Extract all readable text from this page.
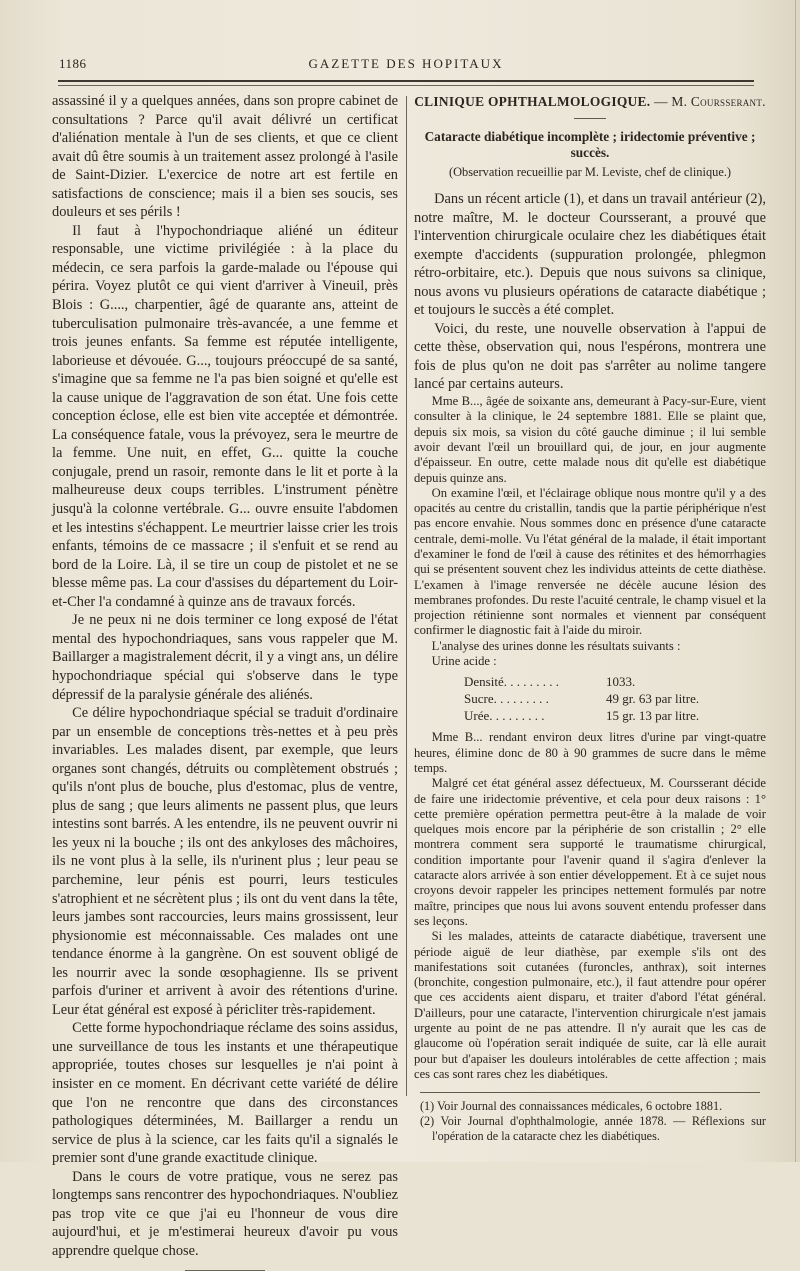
1186	GAZETTE DES HOPITAUX

assassiné il y a quelques années, dans son propre cabinet de consultations ? Parce qu'il avait délivré un certificat d'aliénation mentale à l'un de ses clients, et que ce client avait dû être soumis à un traitement assez prolongé à l'asile de Saint-Dizier. L'exercice de notre art est fertile en satisfactions de conscience; mais il a bien ses soucis, ses douleurs et ses périls !

Il faut à l'hypochondriaque aliéné un éditeur responsable, une victime privilégiée : à la place du médecin, ce sera parfois la garde-malade ou l'épouse qui périra. Voyez plutôt ce qui vient d'arriver à Vineuil, près Blois : G...., charpentier, âgé de quarante ans, atteint de tuberculisation pulmonaire très-avancée, a une femme et trois jeunes enfants. Sa femme est réputée intelligente, laborieuse et dévouée. G..., toujours préoccupé de sa santé, s'imagine que sa femme ne l'a pas bien soigné et qu'elle est la cause unique de l'aggravation de son état. Une fois cette conception éclose, elle est bien vite acceptée et démontrée. La conséquence fatale, vous la prévoyez, sera le meurtre de la femme. Une nuit, en effet, G... quitte la couche conjugale, prend un rasoir, remonte dans le lit et porte à la malheureuse deux coups terribles. L'instrument pénètre jusqu'à la colonne vertébrale. G... ouvre ensuite l'abdomen et les intestins s'échappent. Le meurtrier laisse crier les trois enfants, témoins de ce massacre ; il s'enfuit et se rend au bord de la Loire. Là, il se tire un coup de pistolet et ne se blesse même pas. La cour d'assises du département du Loir-et-Cher l'a condamné à quinze ans de travaux forcés.

Je ne peux ni ne dois terminer ce long exposé de l'état mental des hypochondriaques, sans vous rappeler que M. Baillarger a magistralement décrit, il y a vingt ans, un délire hypochondriaque spécial qui s'observe dans le type dépressif de la paralysie générale des aliénés.

Ce délire hypochondriaque spécial se traduit d'ordinaire par un ensemble de conceptions très-nettes et à peu près invariables. Les malades disent, par exemple, que leurs organes sont changés, détruits ou complètement obstrués ; qu'ils n'ont plus de bouche, plus d'estomac, plus de ventre, plus de sang ; que leurs aliments ne passent plus, que leurs intestins sont barrés. A les entendre, ils ne peuvent ouvrir ni les yeux ni la bouche ; ils ont des ankyloses des mâchoires, ils ne vont plus à la selle, ils n'urinent plus ; leur peau se parchemine, leur pénis est pourri, leurs testicules s'atrophient et ne sécrètent plus ; ils ont du vent dans la tête, leurs jambes sont raccourcies, leurs mains grossissent, leur physionomie est méconnaissable. Ces malades ont une tendance énorme à la gangrène. On est souvent obligé de les nourrir avec la sonde œsophagienne. Ils se privent parfois d'uriner et arrivent à avoir des rétentions d'urine. Leur état général est exposé à péricliter très-rapidement.

Cette forme hypochondriaque réclame des soins assidus, une surveillance de tous les instants et une thérapeutique appropriée, toutes choses sur lesquelles je n'ai point à insister en ce moment. En décrivant cette variété de délire que l'on ne rencontre que dans des circonstances pathologiques déterminées, M. Baillarger a rendu un service de plus à la science, car les faits qu'il a signalés le premier sont d'une grande exactitude clinique.

Dans le cours de votre pratique, vous ne serez pas longtemps sans rencontrer des hypochondriaques. N'oubliez pas trop vite ce que j'ai eu l'honneur de vous dire aujourd'hui, et je m'estimerai heureux d'avoir pu vous apprendre quelque chose.

CLINIQUE OPHTHALMOLOGIQUE. — M. Coursserant.

Cataracte diabétique incomplète ; iridectomie préventive ; succès.

(Observation recueillie par M. Leviste, chef de clinique.)

Dans un récent article (1), et dans un travail antérieur (2), notre maître, M. le docteur Coursserant, a prouvé que l'intervention chirurgicale oculaire chez les diabétiques était exempte d'accidents (suppuration prolongée, phlegmon rétro-orbitaire, etc.). Depuis que nous suivons sa clinique, nous avons vu plusieurs opérations de cataracte diabétique ; et toujours le succès a été complet.

Voici, du reste, une nouvelle observation à l'appui de cette thèse, observation qui, nous l'espérons, montrera une fois de plus qu'on ne doit pas s'arrêter au nolime tangere lancé par certains auteurs.

Mme B..., âgée de soixante ans, demeurant à Pacy-sur-Eure, vient consulter à la clinique, le 24 septembre 1881. Elle se plaint que, depuis six mois, sa vision du côté gauche diminue ; il lui semble avoir devant l'œil un brouillard qui, de jour, en jour augmente d'épaisseur. En outre, cette malade nous dit qu'elle est diabétique depuis quinze ans.

On examine l'œil, et l'éclairage oblique nous montre qu'il y a des opacités au centre du cristallin, tandis que la partie périphérique n'est pas encore envahie. Nous sommes donc en présence d'une cataracte centrale, demi-molle. Vu l'état général de la malade, il était important d'examiner le fond de l'œil à cause des rétinites et des hémorrhagies qui se présentent souvent chez les individus atteints de cette diathèse. L'examen à l'image renversée ne décèle aucune lésion des membranes profondes. Du reste l'acuité centrale, le champ visuel et la projection rétinienne sont normales et viennent par conséquent confirmer le diagnostic fait à l'aide du miroir.

L'analyse des urines donne les résultats suivants :

Urine acide :

Densité. . . . . . . . .	1033.
Sucre. . . . . . . . .	49 gr. 63 par litre.
Urée. . . . . . . . .	15 gr. 13 par litre.

Mme B... rendant environ deux litres d'urine par vingt-quatre heures, élimine donc de 80 à 90 grammes de sucre dans le même temps.

Malgré cet état général assez défectueux, M. Coursserant décide de faire une iridectomie préventive, et cela pour deux raisons : 1° cette première opération permettra peut-être à la malade de voir quelques mois encore par la périphérie de son cristallin ; 2° elle montrera comment sera supporté le traumatisme chirurgical, condition importante pour l'avenir quand il s'agira d'enlever la cataracte alors arrivée à son entier développement. Et à ce sujet nous croyons devoir rappeler les principes nettement formulés par notre maître, principes que nous lui avons souvent entendu professer dans ses leçons.

Si les malades, atteints de cataracte diabétique, traversent une période aiguë de leur diathèse, par exemple s'ils ont des manifestations soit cutanées (furoncles, anthrax), soit internes (bronchite, congestion pulmonaire, etc.), il faut attendre pour opérer que ces accidents aient disparu, et traiter d'abord l'état général. D'ailleurs, pour une cataracte, l'intervention chirurgicale n'est jamais urgente au point de ne pas attendre. Il n'y aurait que les cas de glaucome où l'opération serait indiquée de suite, car là elle aurait pour but d'apaiser les douleurs intolérables de cette affection ; mais ces cas sont rares chez les diabétiques.

(1) Voir Journal des connaissances médicales, 6 octobre 1881.

(2) Voir Journal d'ophthalmologie, année 1878. — Réflexions sur l'opération de la cataracte chez les diabétiques.
